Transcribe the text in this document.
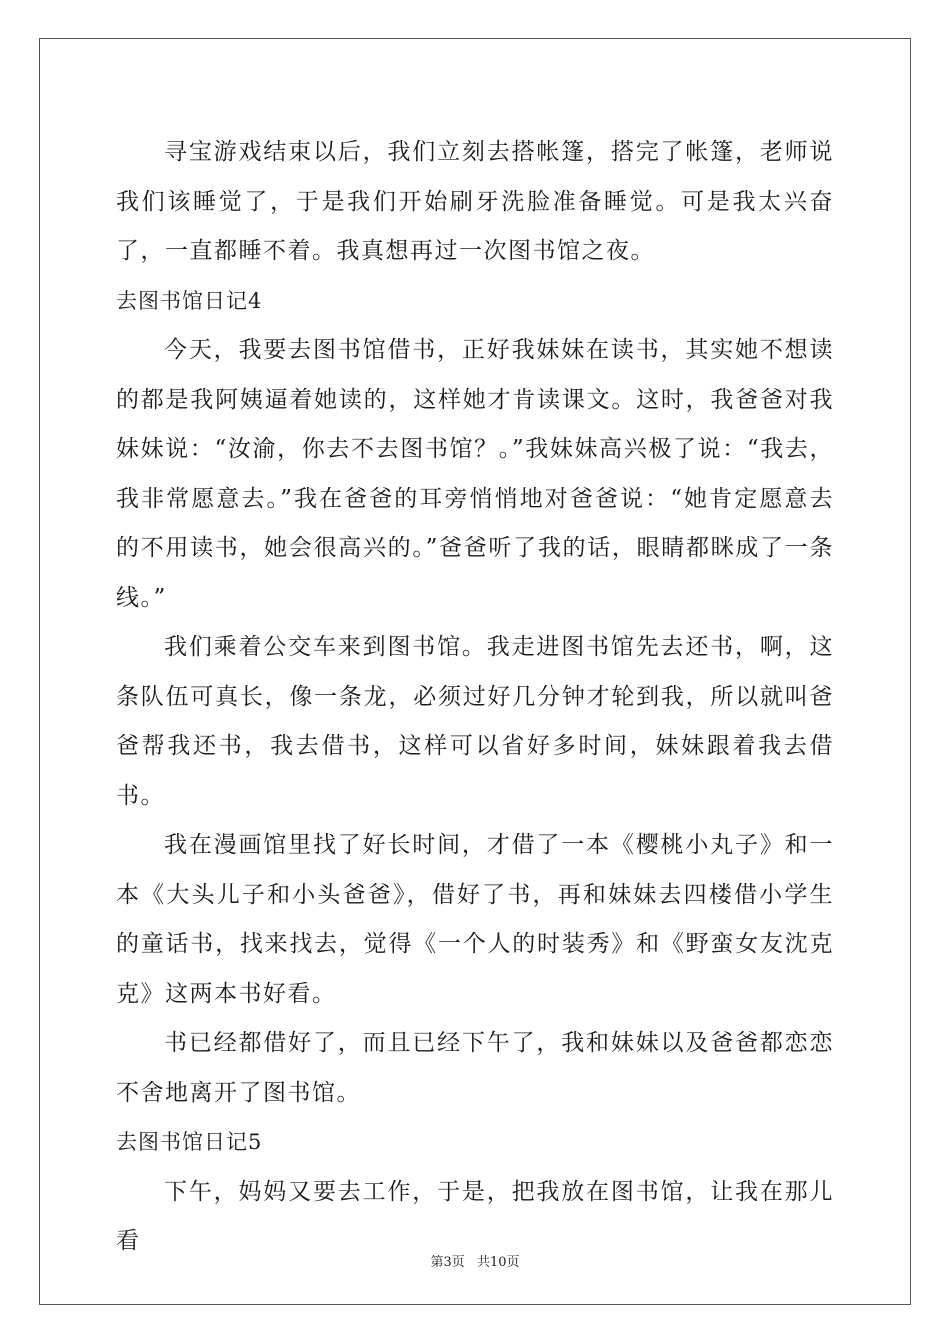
寻宝游戏结束以后，我们立刻去搭帐篷，搭完了帐篷，老师说我们该睡觉了，于是我们开始刷牙洗脸准备睡觉。可是我太兴奋了，一直都睡不着。我真想再过一次图书馆之夜。

去图书馆日记4

今天，我要去图书馆借书，正好我妹妹在读书，其实她不想读的都是我阿姨逼着她读的，这样她才肯读课文。这时，我爸爸对我妹妹说：“汝渝，你去不去图书馆？。”我妹妹高兴极了说：“我去，我非常愿意去。”我在爸爸的耳旁悄悄地对爸爸说：“她肯定愿意去的不用读书，她会很高兴的。”爸爸听了我的话，眼睛都眯成了一条线。”

我们乘着公交车来到图书馆。我走进图书馆先去还书，啊，这条队伍可真长，像一条龙，必须过好几分钟才轮到我，所以就叫爸爸帮我还书，我去借书，这样可以省好多时间，妹妹跟着我去借书。

我在漫画馆里找了好长时间，才借了一本《樱桃小丸子》和一本《大头儿子和小头爸爸》，借好了书，再和妹妹去四楼借小学生的童话书，找来找去，觉得《一个人的时装秀》和《野蛮女友沈克克》这两本书好看。

书已经都借好了，而且已经下午了，我和妹妹以及爸爸都恋恋不舍地离开了图书馆。

去图书馆日记5

下午，妈妈又要去工作，于是，把我放在图书馆，让我在那儿看

第3页 共10页
